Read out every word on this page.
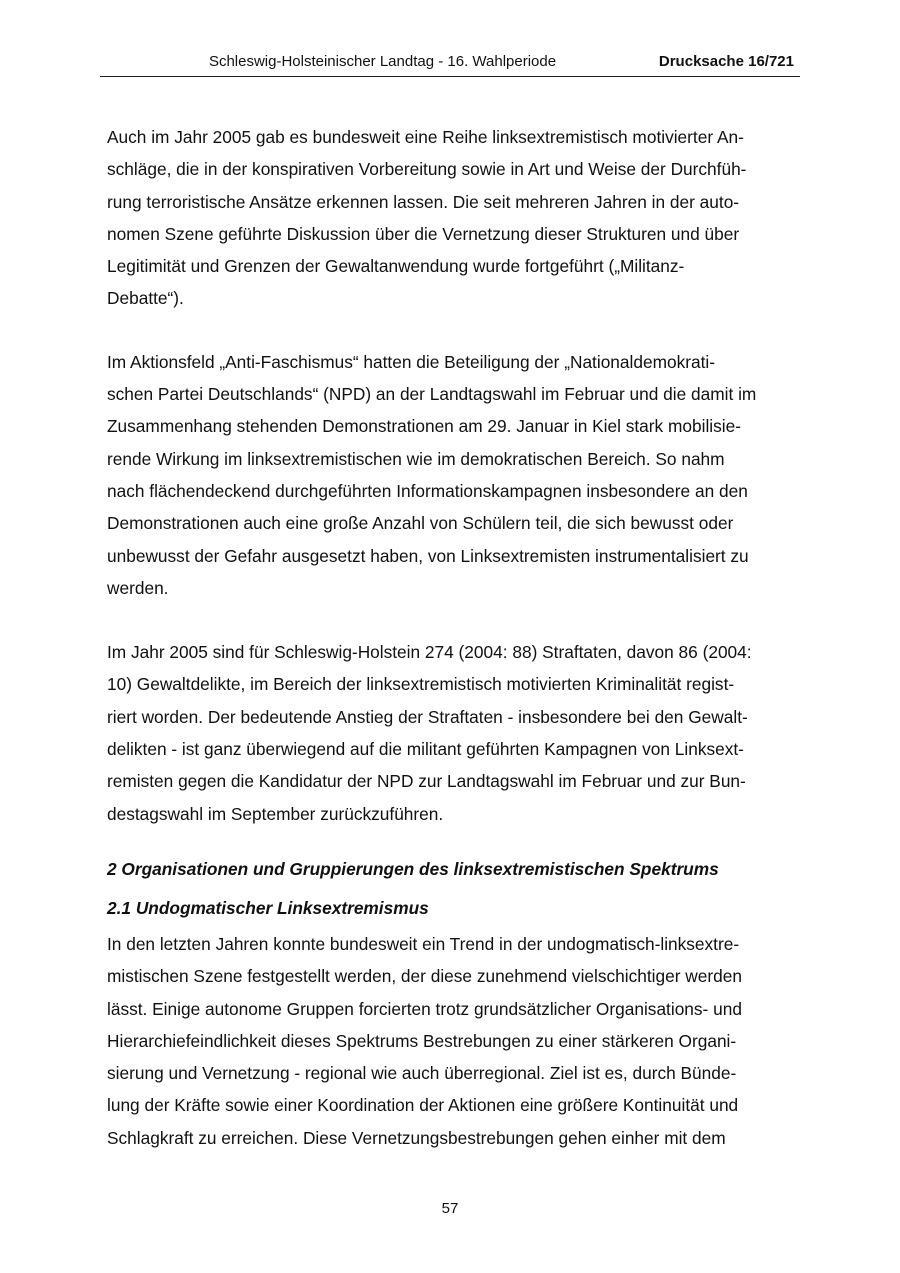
Schleswig-Holsteinischer Landtag - 16. Wahlperiode	Drucksache 16/721

Auch im Jahr 2005 gab es bundesweit eine Reihe linksextremistisch motivierter An-
schläge, die in der konspirativen Vorbereitung sowie in Art und Weise der Durchfüh-
rung terroristische Ansätze erkennen lassen. Die seit mehreren Jahren in der auto-
nomen Szene geführte Diskussion über die Vernetzung dieser Strukturen und über
Legitimität und Grenzen der Gewaltanwendung wurde fortgeführt („Militanz-
Debatte“).

Im Aktionsfeld „Anti-Faschismus“ hatten die Beteiligung der „Nationaldemokrati-
schen Partei Deutschlands“ (NPD) an der Landtagswahl im Februar und die damit im
Zusammenhang stehenden Demonstrationen am 29. Januar in Kiel stark mobilisie-
rende Wirkung im linksextremistischen wie im demokratischen Bereich. So nahm
nach flächendeckend durchgeführten Informationskampagnen insbesondere an den
Demonstrationen auch eine große Anzahl von Schülern teil, die sich bewusst oder
unbewusst der Gefahr ausgesetzt haben, von Linksextremisten instrumentalisiert zu
werden.

Im Jahr 2005 sind für Schleswig-Holstein 274 (2004: 88) Straftaten, davon 86 (2004:
10) Gewaltdelikte, im Bereich der linksextremistisch motivierten Kriminalität regist-
riert worden. Der bedeutende Anstieg der Straftaten - insbesondere bei den Gewalt-
delikten - ist ganz überwiegend auf die militant geführten Kampagnen von Linksext-
remisten gegen die Kandidatur der NPD zur Landtagswahl im Februar und zur Bun-
destagswahl im September zurückzuführen.

2 Organisationen und Gruppierungen des linksextremistischen Spektrums
2.1 Undogmatischer Linksextremismus

In den letzten Jahren konnte bundesweit ein Trend in der undogmatisch-linksextre-
mistischen Szene festgestellt werden, der diese zunehmend vielschichtiger werden
lässt. Einige autonome Gruppen forcierten trotz grundsätzlicher Organisations- und
Hierarchiefeindlichkeit dieses Spektrums Bestrebungen zu einer stärkeren Organi-
sierung und Vernetzung - regional wie auch überregional. Ziel ist es, durch Bünde-
lung der Kräfte sowie einer Koordination der Aktionen eine größere Kontinuität und
Schlagkraft zu erreichen. Diese Vernetzungsbestrebungen gehen einher mit dem

57
